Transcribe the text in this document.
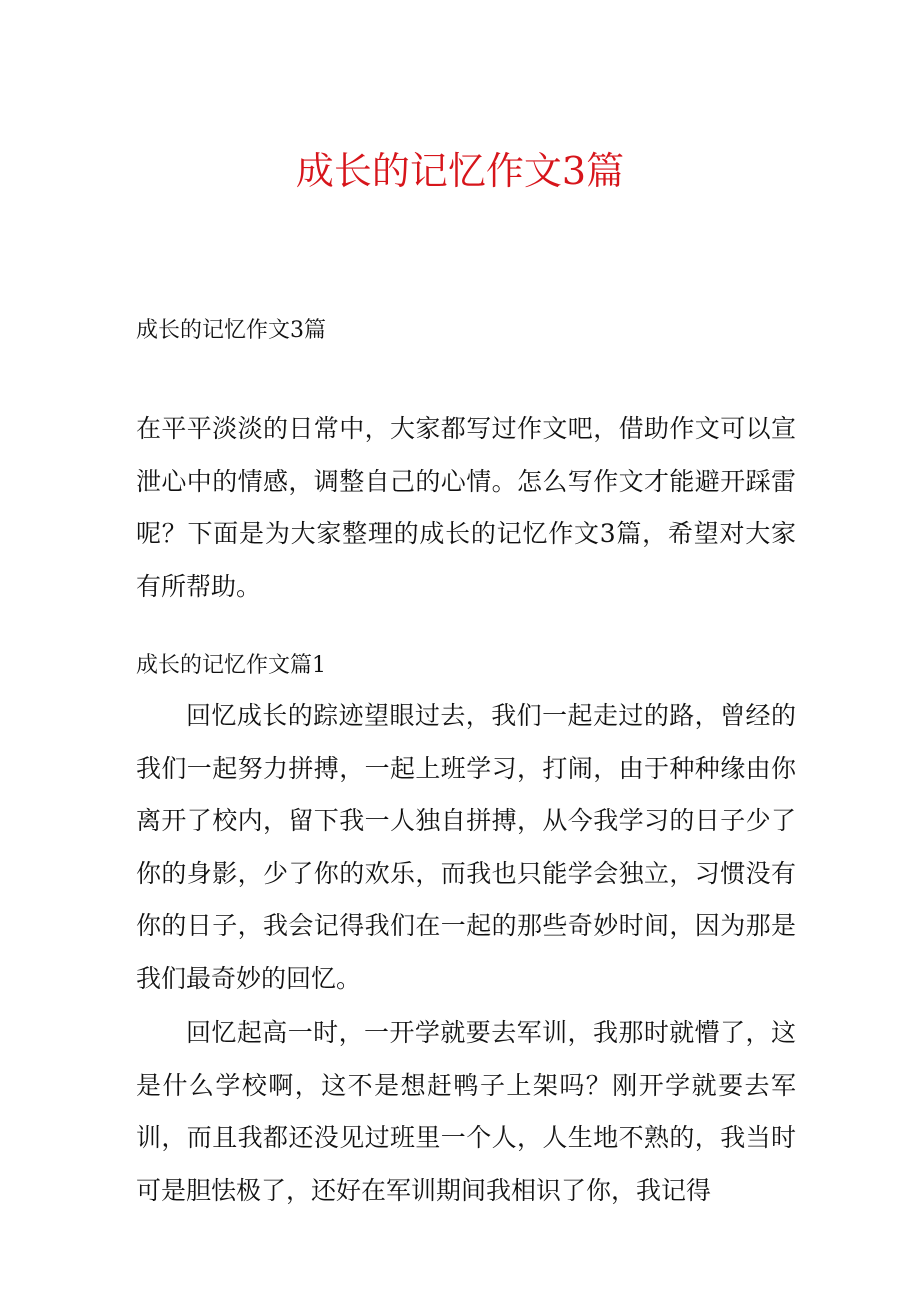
成长的记忆作文3篇

成长的记忆作文3篇

在平平淡淡的日常中，大家都写过作文吧，借助作文可以宣泄心中的情感，调整自己的心情。怎么写作文才能避开踩雷呢？下面是为大家整理的成长的记忆作文3篇，希望对大家有所帮助。

成长的记忆作文篇1

回忆成长的踪迹望眼过去，我们一起走过的路，曾经的我们一起努力拼搏，一起上班学习，打闹，由于种种缘由你离开了校内，留下我一人独自拼搏，从今我学习的日子少了你的身影，少了你的欢乐，而我也只能学会独立，习惯没有你的日子，我会记得我们在一起的那些奇妙时间，因为那是我们最奇妙的回忆。

回忆起高一时，一开学就要去军训，我那时就懵了，这是什么学校啊，这不是想赶鸭子上架吗？刚开学就要去军训，而且我都还没见过班里一个人，人生地不熟的，我当时可是胆怯极了，还好在军训期间我相识了你，我记得
